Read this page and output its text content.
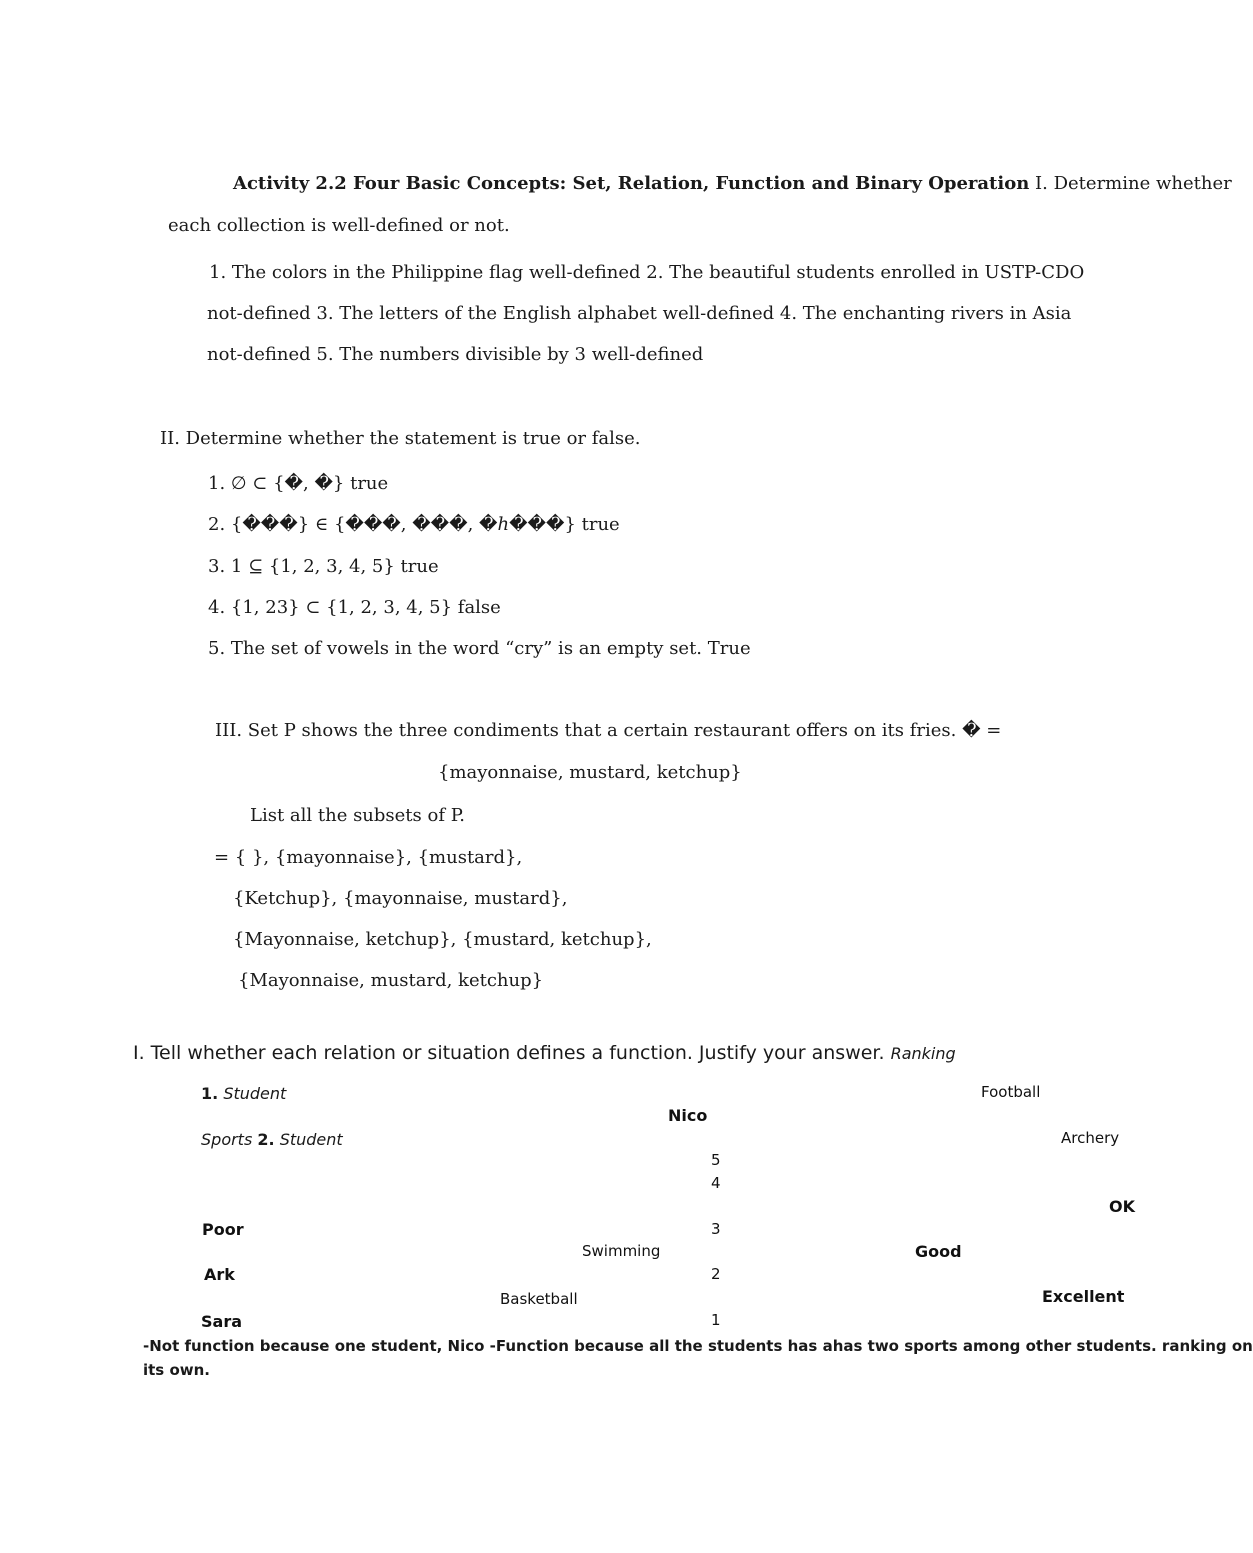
Activity 2.2 Four Basic Concepts: Set, Relation, Function and Binary Operation I. Determine whether
each collection is well-defined or not.
1. The colors in the Philippine flag well-defined 2. The beautiful students enrolled in USTP-CDO
not-defined 3. The letters of the English alphabet well-defined 4. The enchanting rivers in Asia
not-defined 5. The numbers divisible by 3 well-defined
II. Determine whether the statement is true or false.
1. ∅ ⊂ {�, �} true
2. {���} ∈ {���, ���, �ℎ���} true
3. 1 ⊆ {1, 2, 3, 4, 5} true
4. {1, 23} ⊂ {1, 2, 3, 4, 5} false
5. The set of vowels in the word “cry” is an empty set. True
III. Set P shows the three condiments that a certain restaurant offers on its fries. � =
{mayonnaise, mustard, ketchup}
List all the subsets of P.
= { }, {mayonnaise}, {mustard},
{Ketchup}, {mayonnaise, mustard},
{Mayonnaise, ketchup}, {mustard, ketchup},
{Mayonnaise, mustard, ketchup}
I. Tell whether each relation or situation defines a function. Justify your answer. Ranking
1. Student
Sports 2. Student
Nico
Poor
Ark
Sara
Football
Archery
Swimming
Basketball
5
4
3
2
1
OK
Good
Excellent
-Not function because one student, Nico -Function because all the students has ahas two sports among other students. ranking on
its own.
